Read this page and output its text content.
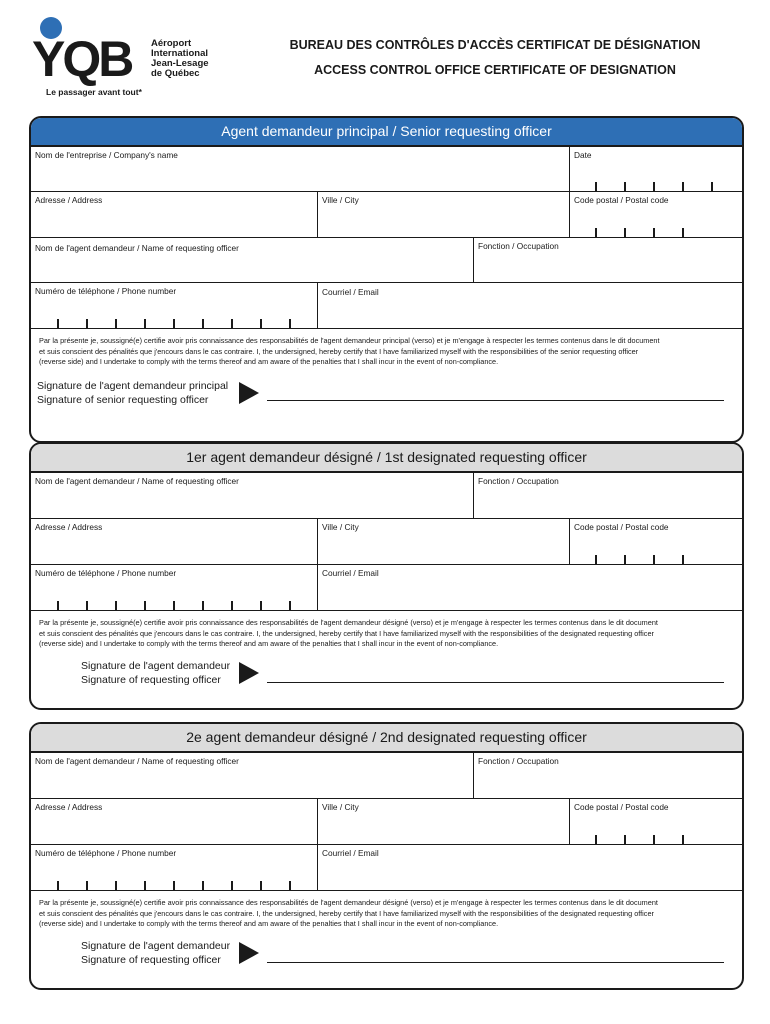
YQB Aéroport
International
Jean-Lesage
de Québec
Le passager avant tout*
BUREAU DES CONTRÔLES D'ACCÈS CERTIFICAT DE DÉSIGNATION
ACCESS CONTROL OFFICE CERTIFICATE OF DESIGNATION
Agent demandeur principal / Senior requesting officer
Nom de l'entreprise / Company's name	Date
Adresse / Address	Ville / City	Code postal / Postal code
Nom de l'agent demandeur / Name of requesting officer	Fonction / Occupation
Numéro de téléphone / Phone number	Courriel / Email
Par la présente je, soussigné(e) certifie avoir pris connaissance des responsabilités de l'agent demandeur principal (verso) et je m'engage à respecter les termes contenus dans le dit document
et suis conscient des pénalités que j'encours dans le cas contraire. I, the undersigned, hereby certify that I have familiarized myself with the responsibilities of the senior requesting officer
(reverse side) and I undertake to comply with the terms thereof and am aware of the penalties that I shall incur in the event of non-compliance.
Signature de l'agent demandeur principal
Signature of senior requesting officer
1er agent demandeur désigné / 1st designated requesting officer
Nom de l'agent demandeur / Name of requesting officer	Fonction / Occupation
Adresse / Address	Ville / City	Code postal / Postal code
Numéro de téléphone / Phone number	Courriel / Email
Par la présente je, soussigné(e) certifie avoir pris connaissance des responsabilités de l'agent demandeur désigné (verso) et je m'engage à respecter les termes contenus dans le dit document
et suis conscient des pénalités que j'encours dans le cas contraire. I, the undersigned, hereby certify that I have familiarized myself with the responsibilities of the designated requesting officer
(reverse side) and I undertake to comply with the terms thereof and am aware of the penalties that I shall incur in the event of non-compliance.
Signature de l'agent demandeur
Signature of requesting officer
2e agent demandeur désigné / 2nd designated requesting officer
Nom de l'agent demandeur / Name of requesting officer	Fonction / Occupation
Adresse / Address	Ville / City	Code postal / Postal code
Numéro de téléphone / Phone number	Courriel / Email
Par la présente je, soussigné(e) certifie avoir pris connaissance des responsabilités de l'agent demandeur désigné (verso) et je m'engage à respecter les termes contenus dans le dit document
et suis conscient des pénalités que j'encours dans le cas contraire. I, the undersigned, hereby certify that I have familiarized myself with the responsibilities of the designated requesting officer
(reverse side) and I undertake to comply with the terms thereof and am aware of the penalties that I shall incur in the event of non-compliance.
Signature de l'agent demandeur
Signature of requesting officer
